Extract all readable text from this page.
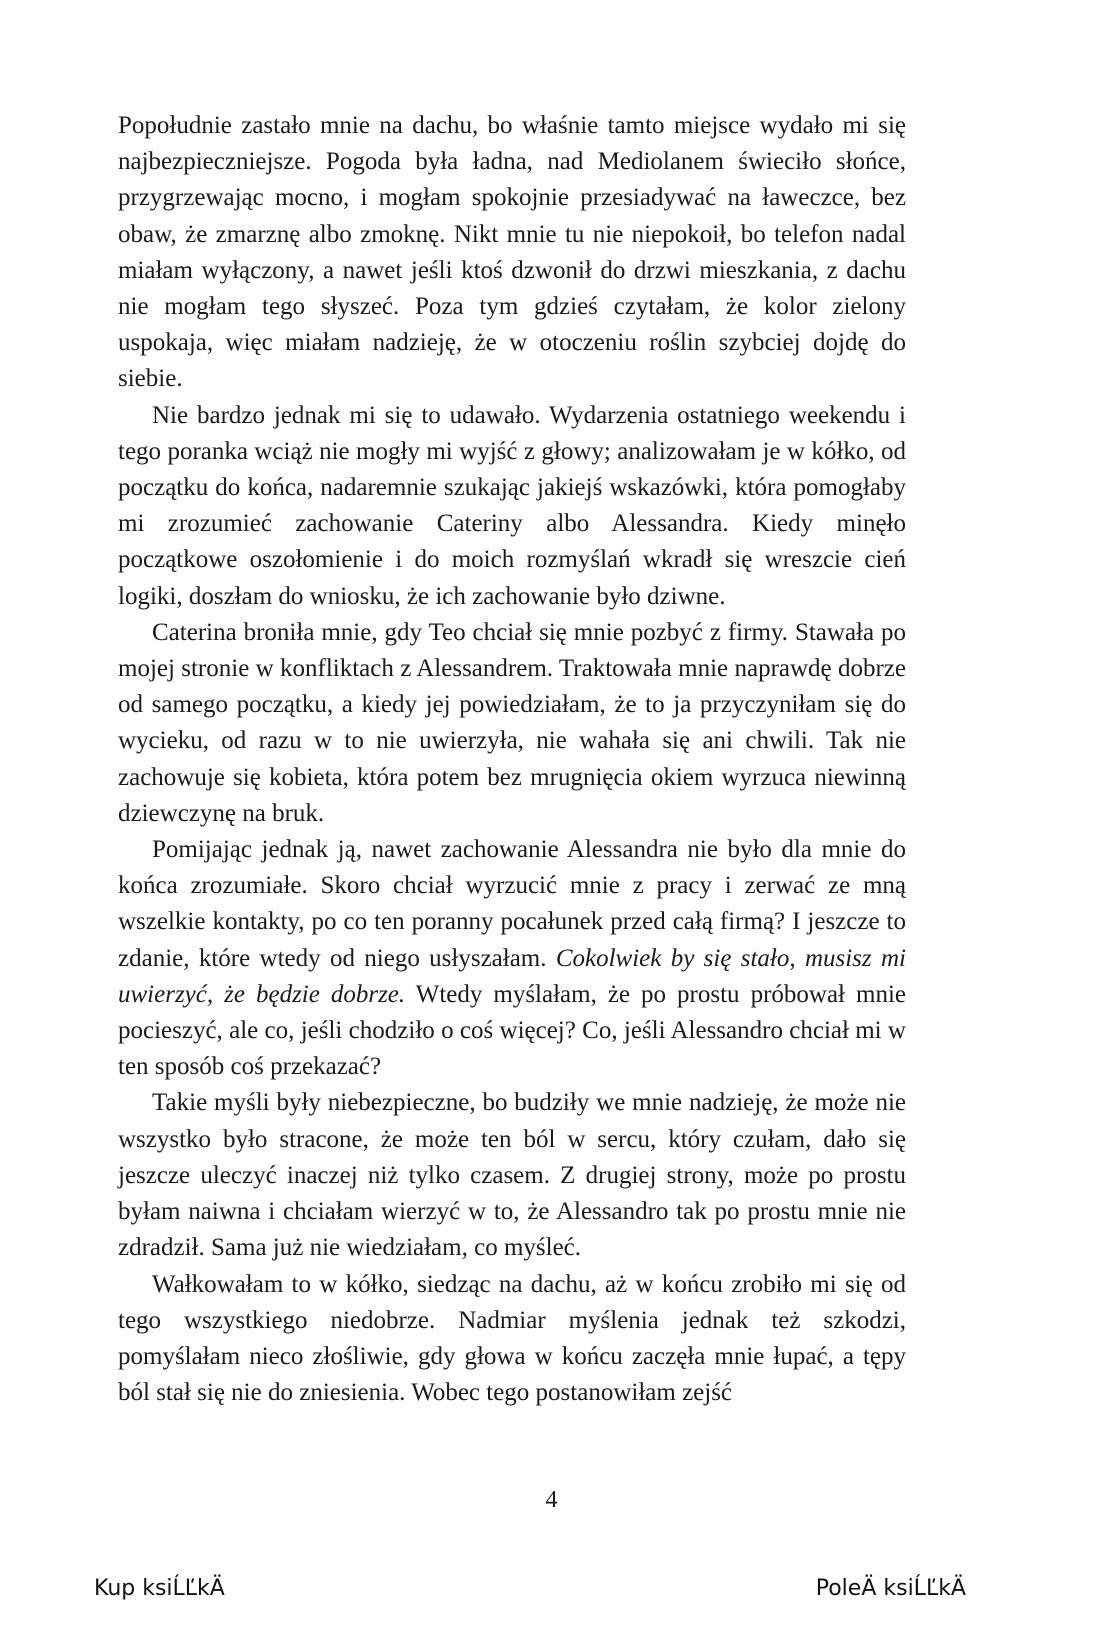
Popołudnie zastało mnie na dachu, bo właśnie tamto miejsce wydało mi się najbezpieczniejsze. Pogoda była ładna, nad Mediolanem świeciło słońce, przygrzewając mocno, i mogłam spokojnie przesiadywać na ławeczce, bez obaw, że zmarznę albo zmoknę. Nikt mnie tu nie niepokoił, bo telefon nadal miałam wyłączony, a nawet jeśli ktoś dzwonił do drzwi mieszkania, z dachu nie mogłam tego słyszeć. Poza tym gdzieś czytałam, że kolor zielony uspokaja, więc miałam nadzieję, że w otoczeniu roślin szybciej dojdę do siebie.

Nie bardzo jednak mi się to udawało. Wydarzenia ostatniego weekendu i tego poranka wciąż nie mogły mi wyjść z głowy; analizowałam je w kółko, od początku do końca, nadaremnie szukając jakiejś wskazówki, która pomogłaby mi zrozumieć zachowanie Cateriny albo Alessandra. Kiedy minęło początkowe oszołomienie i do moich rozmyślań wkradł się wreszcie cień logiki, doszłam do wniosku, że ich zachowanie było dziwne.

Caterina broniła mnie, gdy Teo chciał się mnie pozbyć z firmy. Stawała po mojej stronie w konfliktach z Alessandrem. Traktowała mnie naprawdę dobrze od samego początku, a kiedy jej powiedziałam, że to ja przyczyniłam się do wycieku, od razu w to nie uwierzyła, nie wahała się ani chwili. Tak nie zachowuje się kobieta, która potem bez mrugnięcia okiem wyrzuca niewinną dziewczynę na bruk.

Pomijając jednak ją, nawet zachowanie Alessandra nie było dla mnie do końca zrozumiałe. Skoro chciał wyrzucić mnie z pracy i zerwać ze mną wszelkie kontakty, po co ten poranny pocałunek przed całą firmą? I jeszcze to zdanie, które wtedy od niego usłyszałam. Cokolwiek by się stało, musisz mi uwierzyć, że będzie dobrze. Wtedy myślałam, że po prostu próbował mnie pocieszyć, ale co, jeśli chodziło o coś więcej? Co, jeśli Alessandro chciał mi w ten sposób coś przekazać?

Takie myśli były niebezpieczne, bo budziły we mnie nadzieję, że może nie wszystko było stracone, że może ten ból w sercu, który czułam, dało się jeszcze uleczyć inaczej niż tylko czasem. Z drugiej strony, może po prostu byłam naiwna i chciałam wierzyć w to, że Alessandro tak po prostu mnie nie zdradził. Sama już nie wiedziałam, co myśleć.

Wałkowałam to w kółko, siedząc na dachu, aż w końcu zrobiło mi się od tego wszystkiego niedobrze. Nadmiar myślenia jednak też szkodzi, pomyślałam nieco złośliwie, gdy głowa w końcu zaczęła mnie łupać, a tępy ból stał się nie do zniesienia. Wobec tego postanowiłam zejść

4
Kup ksiĹĽkÄ	PoleÄ ksiĹĽkÄ
